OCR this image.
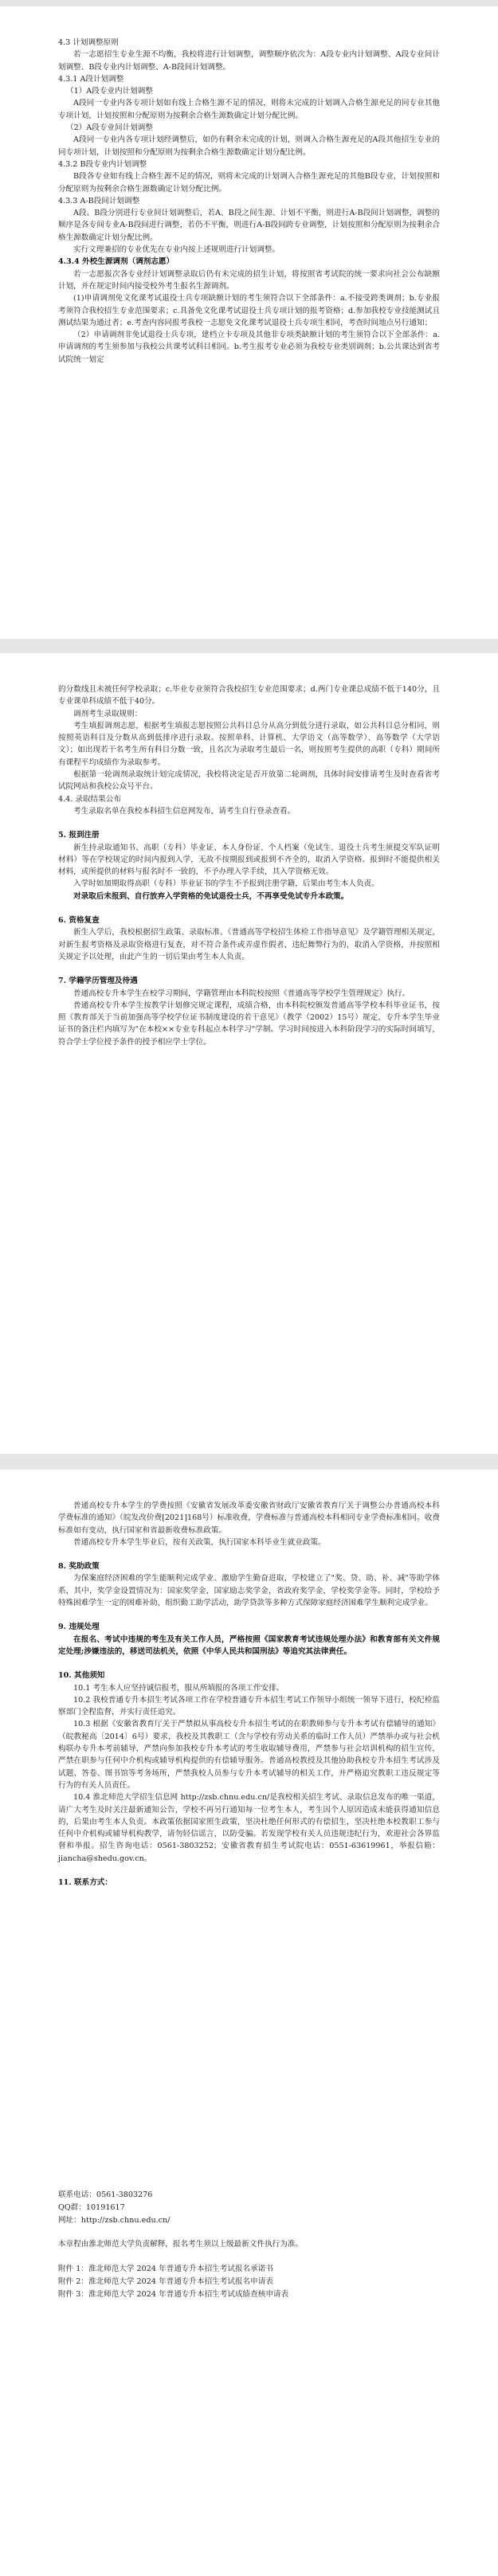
4.3 计划调整原则

若一志愿招生专业生源不均衡，我校将进行计划调整，调整顺序依次为：A段专业内计划调整、A段专业间计划调整、B段专业内计划调整、A-B段间计划调整。

4.3.1 A段计划调整

（1）A段专业内计划调整

A段同一专业内各专项计划如有线上合格生源不足的情况，则将未完成的计划调入合格生源充足的同专业其他专项计划，计划按照和分配原则为按剩余合格生源数确定计划分配比例。

（2）A段专业间计划调整

A段同一专业内各专项计划经调整后，如仍有剩余未完成的计划，则调入合格生源充足的A段其他招生专业的同专项计划，计划按照和分配原则为按剩余合格生源数确定计划分配比例。

4.3.2 B段专业内计划调整

B段各专业如有线上合格生源不足的情况，则将未完成的计划调入合格生源充足的其他B段专业，计划按照和分配原则为按剩余合格生源数确定计划分配比例。

4.3.3 A-B段间计划调整

A段、B段分别进行专业间计划调整后，若A、B段之间生源、计划不平衡，则进行A-B段间计划调整，调整的顺序是各专间专业A-B段间进行调整，若仍不平衡，则进行A-B段间跨专业调整，计划按照和分配原则为按剩余合格生源数确定计划分配比例。

实行文理兼招的专业优先在专业内按上述规则进行计划调整。

4.3.4 外校生源调剂（调剂志愿）

若一志愿报次各专业经计划调整录取后仍有未完成的招生计划，将按照省考试院的统一要求向社会公布缺额计划，并在规定时间内接受校外考生报名生源调剂。

(1)申请调剂免文化课考试退役士兵专项缺额计划的考生须符合以下全部条件：a.不接受跨类调剂；b.专业报考须符合我校招生专业范围要求；c.具备免文化课考试退役士兵专项计划的报考资格；d.参加我校专业技能测试且测试结果为通过者；e.考查内容同报考我校一志愿免文化课考试退役士兵专项生相同，考查时间地点另行通知；

（2）申请调剂非免试退役士兵专项，建档立卡专项及其他非专项类缺额计划的考生须符合以下全部条件：a.申请调剂的考生须参加与我校公共课考试科目相同。b.考生报考专业必须为我校专业类别调剂；b.公共课达到省考试院统一划定

的分数线且未被任何学校录取；c.毕业专业须符合我校招生专业范围要求；d.两门专业课总成绩不低于140分，且专业课单科成绩不低于40分。

调剂考生录取规则：

考生填报调剂志愿，根据考生填报志愿按照公共科目总分从高分到低分进行录取，如公共科目总分相同，则按照英语科目及分数从高到低排序进行录取。按照单科、计算机、大学语文（高等数学）、高等数学（大学语文）；如出现若干名考生所有科目分数一致，且名次为录取考生最后一名，则按照考生提供的高职（专科）期间所有课程平均成绩作为录取参考。

根据第一轮调剂录取统计划完成情况，我校将决定是否开放第二轮调剂，具体时间安排请考生及时查看省考试院网站和我校公众号平台。

4.4. 录取结果公布

考生录取名单在我校本科招生信息网发布，请考生自行登录查看。

5. 报到注册

新生持录取通知书、高职（专科）毕业证、本人身份证、个人档案（免试生、退役士兵考生须提交军队证明材料）等在学校规定的时间内报到入学，无故不按期报到或报到不齐全的，取消入学资格。报到时不能提供相关材料，或所提供的材料与报名时不一致的，不予办理入学手续，其入学资格无效。

入学时如加期取得高职（专科）毕业证书的学生不予报到注册学籍，后果由考生本人负责。

对录取后未报到、自行放弃入学资格的免试退役士兵，不再享受免试专升本政策。

6. 资格复查

新生入学后，我校根据招生政策、录取标准、《普通高等学校招生体检工作指导意见》及学籍管理相关规定，对新生报考资格及录取资格进行复查，对不符合条件或弄虚作假者，违纪舞弊行为的，取消入学资格，并按照相关规定予以处理，由此产生的一切后果由考生本人负责。

7. 学籍学历管理及待遇

普通高校专升本学生在校学习期间，学籍管理由本科院校按照《普通高等学校学生管理规定》执行。

普通高校专升本学生按教学计划修完规定课程，成绩合格，由本科院校颁发普通高等学校本科毕业证书，按照《教育部关于当前加强高等学校学位证书制度建设的若干意见》（教学（2002）15号）规定，专升本学生毕业证书的备注栏内填写为"在本校××专业专科起点本科学习"学制。学习时间按进入本科阶段学习的实际时间填写，符合学士学位授予条件的授予相应学士学位。

普通高校专升本学生的学费按照《安徽省发展改革委安徽省财政厅安徽省教育厅关于调整公办普通高校本科学费标准的通知》（皖发改价费[2021]168号）标准收费，学费标准与普通高校本科相同专业学费标准相同。收费标准如有变动，执行国家和省最新收费标准政策。

普通高校专升本学生毕业后，按有关政策，执行国家本科毕业生就业政策。

8. 奖助政策

为保案庭经济困难的学生能顺利完成学业、激励学生勤奋进取，学校建立了"奖、贷、助、补、减"等助学体系，其中，奖学金设置情况为：国家奖学金，国家励志奖学金，省政府奖学金，学校奖学金等。同时，学校给予特殊困难学生一定的困难补助，组织勤工助学活动，助学贷款等多种方式保障家庭经济困难学生顺利完成学业。

9. 违规处理

在报名、考试中违规的考生及有关工作人员，严格按照《国家教育考试违规处理办法》和教育部有关文件规定处理;涉嫌违法的，移送司法机关，依照《中华人民共和国刑法》等追究其法律责任。

10. 其他须知

10.1 考生本人应坚持诚信报考，服从所填报的各项工作安排。

10.2 我校普通专升本招生考试各项工作在学校普通专升本招生考试工作领导小组统一领导下进行，校纪检监察部门全程监督，并实行责任追究。

10.3 根据《安徽省教育厅关于严禁拟从事高校专升本招生考试的在职教师参与专升本考试有偿辅导的通知》（皖教秘高〔2014〕6号）要求，我校及其教职工（含与学校有劳动关系的临时工作人员）严禁举办或与社会机构联办专升本考前辅导，严禁向参加我校专升本考试的考生收取辅导费用，严禁参与社会培训机构的招生宣传，严禁在职参与任何中介机构或辅导机构提供的有偿辅导服务。普通高校教授及其他协助我校专升本招生考试涉及试题、答卷、图书馆等考务场所，严禁我校人员参与专升本考试辅导的相关工作，并严格追究教职工违反规定等行为的有关人员责任。

10.4 淮北师范大学招生信息网 http://zsb.chnu.edu.cn/是我校相关招生考试、录取信息发布的唯一渠道，请广大考生及时关注最新通知公告，学校不再另行通知每一位考生本人，考生因个人原因造成未能获得通知信息的，后果由考生本人负责。本政策依据国家照生政策，坚决杜绝任何形式的有偿招生，坚决杜绝本校教职工参与任何中介机构或辅导机构教学，请勿轻信谣言，以防受骗。若发现学校有关人员违规违纪行为，欢迎社会各界监督和举报。招生咨询电话：0561-3803252；安徽省教育招生考试院电话：0551-63619961，举报信箱：jiancha@shedu.gov.cn。

11. 联系方式：

联系电话：0561-3803276

QQ群：10191617

网址：http://zsb.chnu.edu.cn/

本章程由淮北师范大学负责解释，报名考生须以上级最新文件执行为准。

附件 1：淮北师范大学 2024 年普通专升本招生考试报名承诺书

附件 2：淮北师范大学 2024 年普通专升本招生考试报名申请表

附件 3：淮北师范大学 2024 年普通专升本招生考试成绩查核申请表
